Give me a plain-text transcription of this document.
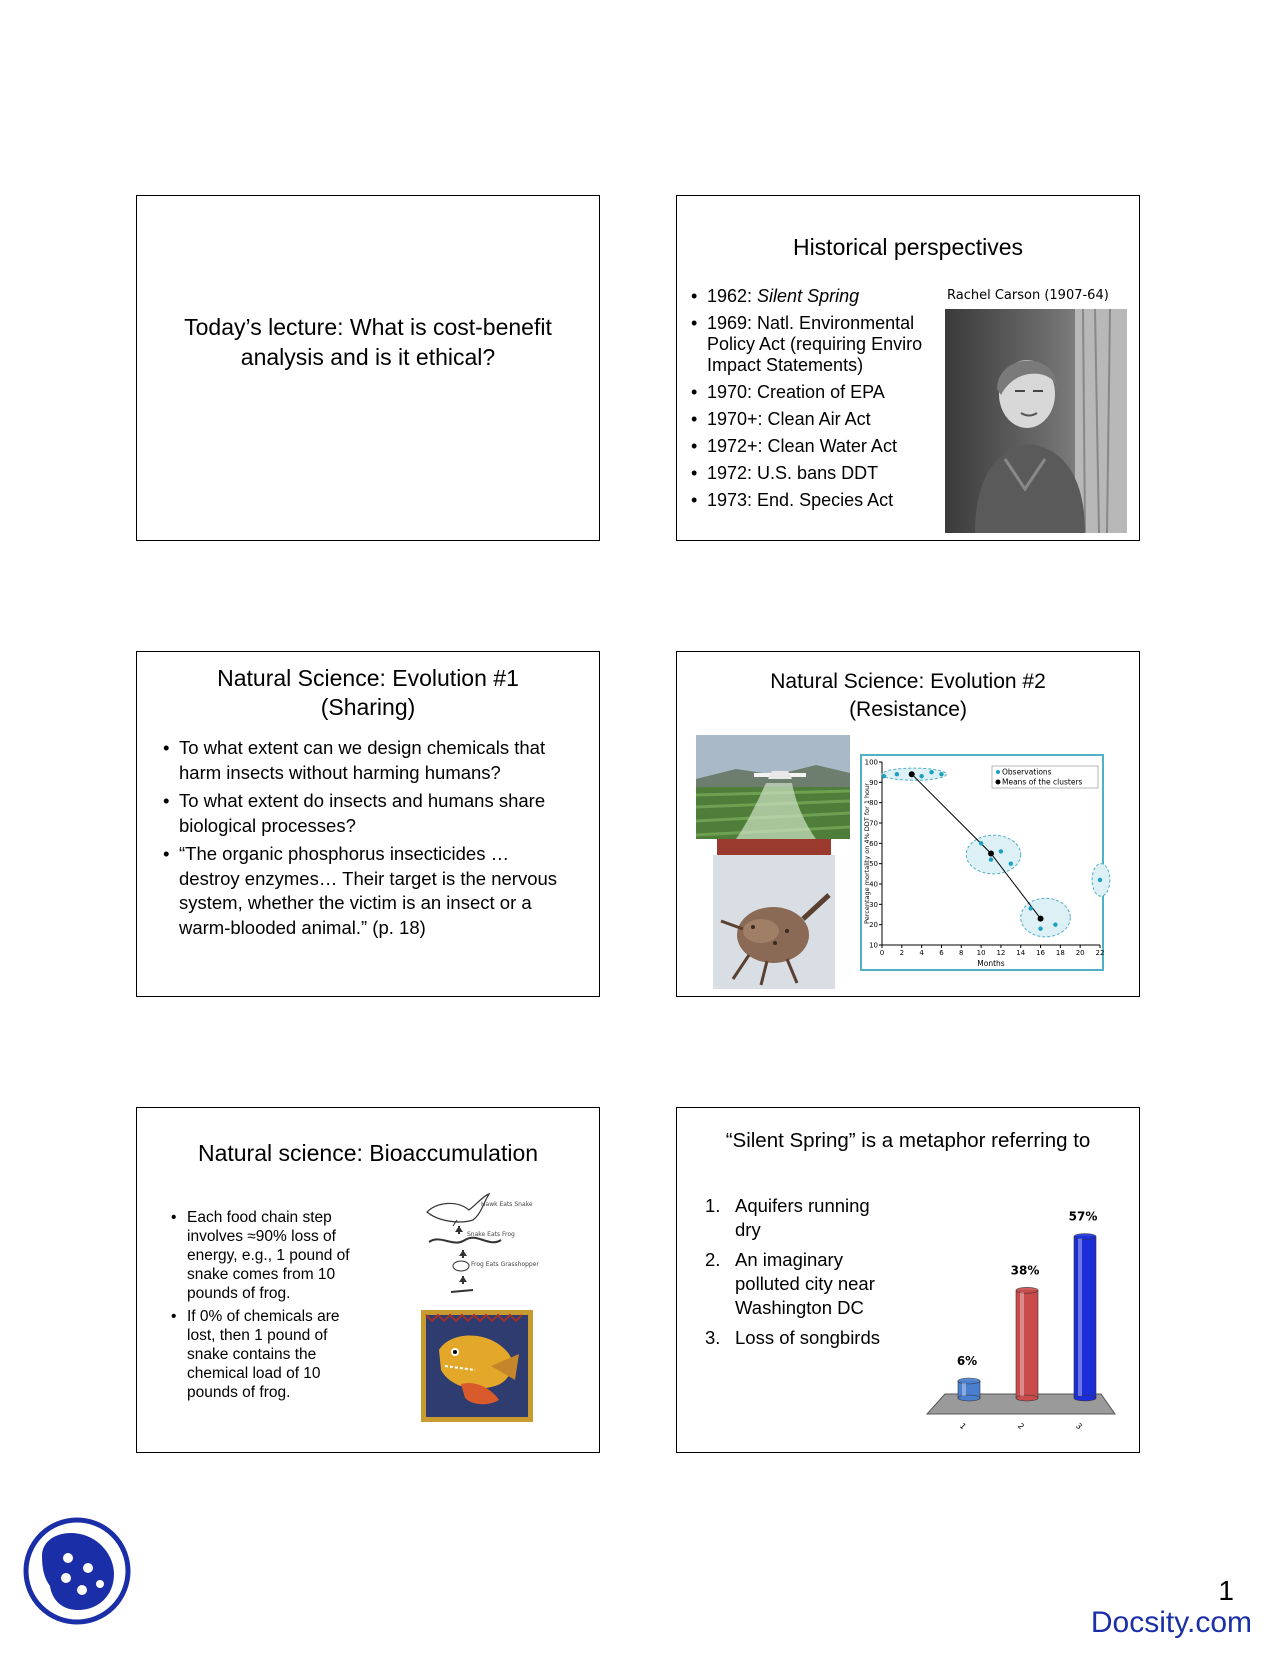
Today’s lecture: What is cost-benefit analysis and is it ethical?
Historical perspectives
• 1962: Silent Spring
• 1969: Natl. Environmental Policy Act (requiring Enviro Impact Statements)
• 1970: Creation of EPA
• 1970+: Clean Air Act
• 1972+: Clean Water Act
• 1972: U.S. bans DDT
• 1973: End. Species Act
Rachel Carson (1907-64)
Natural Science: Evolution #1
(Sharing)
• To what extent can we design chemicals that harm insects without harming humans?
• To what extent do insects and humans share biological processes?
• “The organic phosphorus insecticides … destroy enzymes… Their target is the nervous system, whether the victim is an insect or a warm-blooded animal.” (p. 18)
Natural Science: Evolution #2
(Resistance)
10
20
30
40
50
60
70
80
90
100
0 2 4 6 8 10 12 14 16 18 20 22
Months
Percentage mortality on 4% DDT for 1 hour
Observations
Means of the clusters
Natural science: Bioaccumulation
• Each food chain step involves ≈90% loss of energy, e.g., 1 pound of snake comes from 10 pounds of frog.
• If 0% of chemicals are lost, then 1 pound of snake contains the chemical load of 10 pounds of frog.
Hawk Eats Snake
Snake Eats Frog
Frog Eats Grasshopper
“Silent Spring” is a metaphor referring to
1. Aquifers running dry
2. An imaginary polluted city near Washington DC
3. Loss of songbirds
6%
1
38%
2
57%
3
1
Docsity.com
